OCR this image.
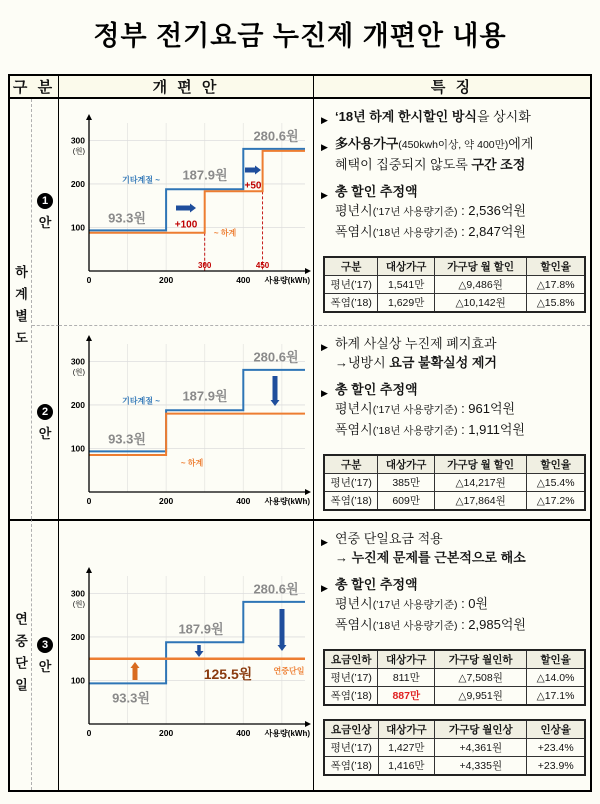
정부 전기요금 누진제 개편안 내용
구 분	개 편 안	특 징
하계별도
연중단일
1
안
300	450
300
200
100
(원)
0	200	400 사용량(kWh)
93.3원
187.9원
280.6원
기타계절 ~
~ 하계
+100
+50
▶ ‘18년 하계 한시할인 방식을 상시화
▶ 多사용가구(450kwh이상, 약 400만)에게
혜택이 집중되지 않도록 구간 조정
▶ 총 할인 추정액
평년시(’17년 사용량기준) : 2,536억원
폭염시(’18년 사용량기준) : 2,847억원
구분	대상가구	가구당 월 할인	할인율
평년(’17)	1,541만	△9,486원	△17.8%
폭염(’18)	1,629만	△10,142원	△15.8%
2
안
300
200
100
(원)
0	200	400 사용량(kWh)
93.3원
187.9원
280.6원
기타계절 ~
~ 하계
▶ 하계 사실상 누진제 폐지효과
→냉방시 요금 불확실성 제거
▶ 총 할인 추정액
평년시(’17년 사용량기준) : 961억원
폭염시(’18년 사용량기준) : 1,911억원
구분	대상가구	가구당 월 할인	할인율
평년(’17)	385만	△14,217원	△15.4%
폭염(’18)	609만	△17,864원	△17.2%
3
안
300
200
100
(원)
0	200	400 사용량(kWh)
93.3원
187.9원
280.6원
125.5원	연중단일
▶ 연중 단일요금 적용
→ 누진제 문제를 근본적으로 해소
▶ 총 할인 추정액
평년시(’17년 사용량기준) : 0원
폭염시(’18년 사용량기준) : 2,985억원
요금인하	대상가구	가구당 월인하	할인율
평년(’17)	811만	△7,508원	△14.0%
폭염(’18)	887만	△9,951원	△17.1%
요금인상	대상가구	가구당 월인상	인상율
평년(’17)	1,427만	+4,361원	+23.4%
폭염(’18)	1,416만	+4,335원	+23.9%
